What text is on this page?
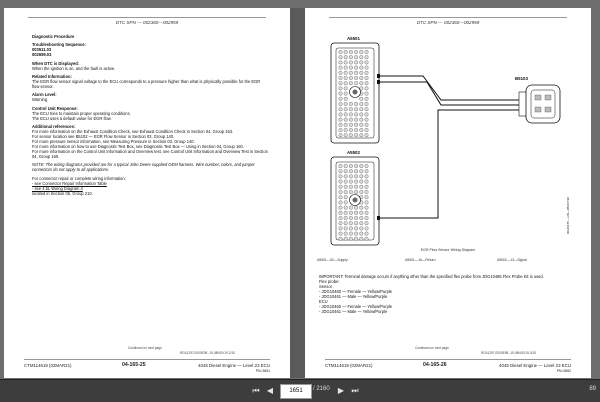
DTC SPN — 002360—002959
Diagnostic Procedure
Troubleshooting Sequence:
003511.03
002659.03
When DTC is Displayed:
When the ignition is on, and the fault is active.
Related Information:
The EGR flow sensor signal voltage to the ECU corresponds to a pressure higher than what is physically possible for the EGR flow sensor.
Alarm Level:
Warning
Control Unit Response:
The ECU tries to maintain proper operating conditions.
The ECU uses a default value for EGR flow.
Additional references:
For more information on the Exhaust Condition Check, see Exhaust Condition Check in Section 04, Group 153.
For sensor location see B5102 — EGR Flow Sensor in Section 03, Group 140.
For more pressure sensor information, see Measuring Pressure in Section 03, Group 140.
For more information on how to use Diagnostic Test Box, see Diagnostic Test Box — Using in Section 04, Group 160.
For more information on the Control Unit Information and Overview test, see Control Unit Information and Overview Test in Section 04, Group 160.
NOTE: The wiring diagrams provided are for a typical John Deere supplied OEM harness. Wire number, colors, and jumper connectors do not apply to all applications.
For connector repair or complete wiring information:
- see Connector Repair Information Table
- see 4.5L Wiring Diagram 4
located in Section 06, Group 210.
Continued on next page
RG41297,0000E98 -19-08NOV19-2/10
CTM114619 (02MAR21)	04-165-25	4045 Diesel Engine — Level 23 ECU
PN=3651
DTC SPN — 002360—002959
A5501
A5502
B5103
RG46178 —UN—05OCT20
EGR Flow Sensor Wiring Diagram
A5501—52—Supply	A5501—16—Return	A5502—13—Signal
IMPORTANT: Terminal damage occurs if anything other than the specified flex probe from JDG10486 Flex Probe Kit is used.
Flex probe:
Sensor
- JDG10460 — Female — Yellow/Purple
- JDG10461 — Male — Yellow/Purple
ECU
- JDG10460 — Female — Yellow/Purple
- JDG10461 — Male — Yellow/Purple
Continued on next page
RG41297,0000E98 -19-08NOV19-3/10
CTM114619 (02MAR21)	04-165-26	4045 Diesel Engine — Level 23 ECU
PN=3652
⏮ ◀	1651	/ 2160	▶ ⏭	89
